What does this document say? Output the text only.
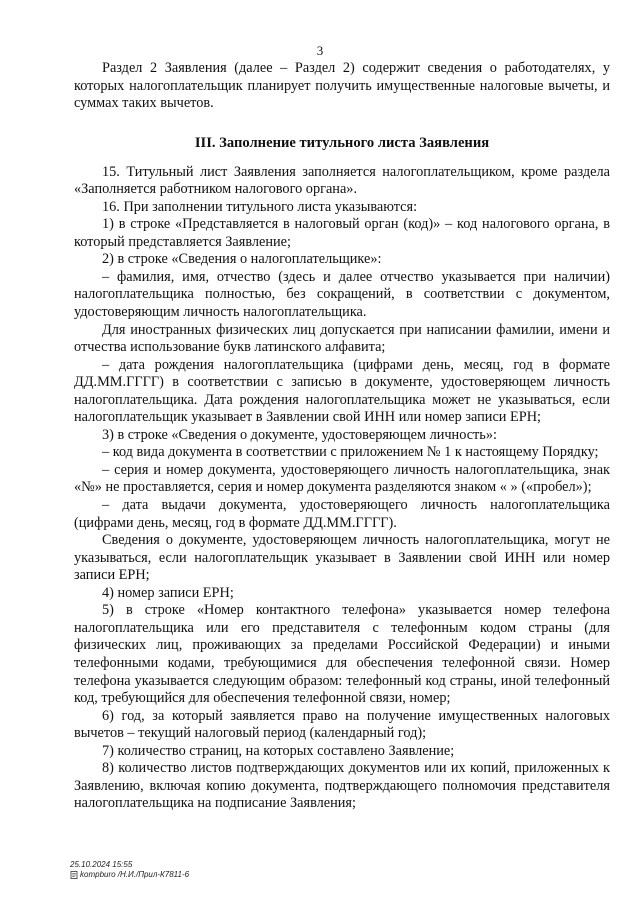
3

Раздел 2 Заявления (далее – Раздел 2) содержит сведения о работодателях, у которых налогоплательщик планирует получить имущественные налоговые вычеты, и суммах таких вычетов.

III. Заполнение титульного листа Заявления

15. Титульный лист Заявления заполняется налогоплательщиком, кроме раздела «Заполняется работником налогового органа».

16. При заполнении титульного листа указываются:

1) в строке «Представляется в налоговый орган (код)» – код налогового органа, в который представляется Заявление;

2) в строке «Сведения о налогоплательщике»:

– фамилия, имя, отчество (здесь и далее отчество указывается при наличии) налогоплательщика полностью, без сокращений, в соответствии с документом, удостоверяющим личность налогоплательщика.

Для иностранных физических лиц допускается при написании фамилии, имени и отчества использование букв латинского алфавита;

– дата рождения налогоплательщика (цифрами день, месяц, год в формате ДД.ММ.ГГГГ) в соответствии с записью в документе, удостоверяющем личность налогоплательщика. Дата рождения налогоплательщика может не указываться, если налогоплательщик указывает в Заявлении свой ИНН или номер записи ЕРН;

3) в строке «Сведения о документе, удостоверяющем личность»:

– код вида документа в соответствии с приложением № 1 к настоящему Порядку;

– серия и номер документа, удостоверяющего личность налогоплательщика, знак «№» не проставляется, серия и номер документа разделяются знаком « » («пробел»);

– дата выдачи документа, удостоверяющего личность налогоплательщика (цифрами день, месяц, год в формате ДД.ММ.ГГГГ).

Сведения о документе, удостоверяющем личность налогоплательщика, могут не указываться, если налогоплательщик указывает в Заявлении свой ИНН или номер записи ЕРН;

4) номер записи ЕРН;

5) в строке «Номер контактного телефона» указывается номер телефона налогоплательщика или его представителя с телефонным кодом страны (для физических лиц, проживающих за пределами Российской Федерации) и иными телефонными кодами, требующимися для обеспечения телефонной связи. Номер телефона указывается следующим образом: телефонный код страны, иной телефонный код, требующийся для обеспечения телефонной связи, номер;

6) год, за который заявляется право на получение имущественных налоговых вычетов – текущий налоговый период (календарный год);

7) количество страниц, на которых составлено Заявление;

8) количество листов подтверждающих документов или их копий, приложенных к Заявлению, включая копию документа, подтверждающего полномочия представителя налогоплательщика на подписание Заявления;

25.10.2024 15:55
kompburo /Н.И./Прил-К7811-6
